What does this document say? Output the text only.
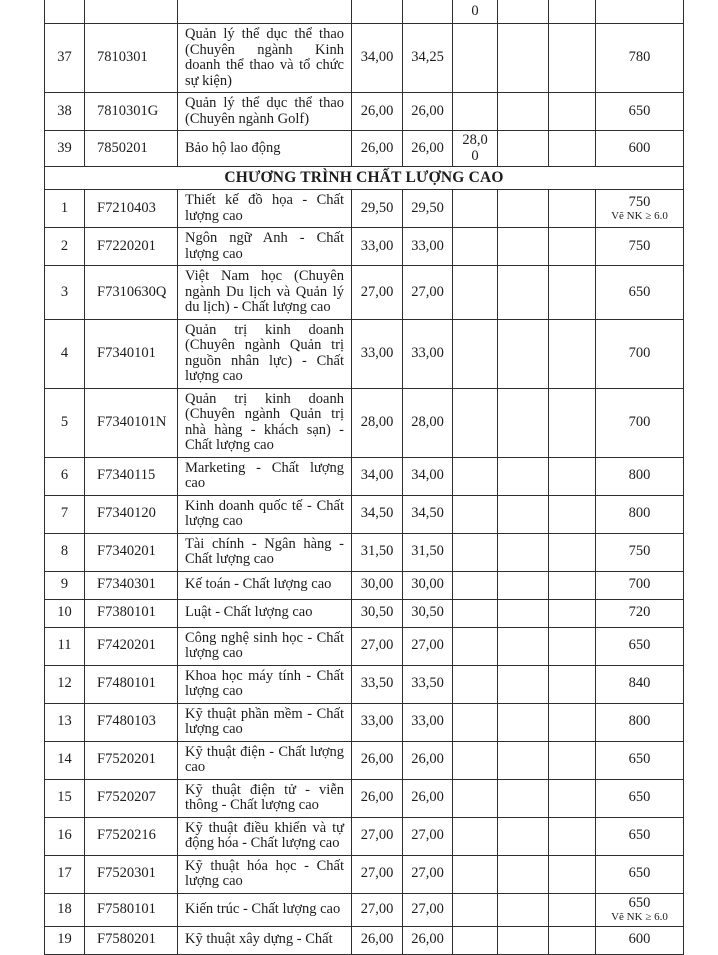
					0			

37	7810301	Quản lý thể dục thể thao (Chuyên ngành Kinh doanh thể thao và tổ chức sự kiện)	34,00	34,25				780

38	7810301G	Quản lý thể dục thể thao (Chuyên ngành Golf)	26,00	26,00				650

39	7850201	Bảo hộ lao động	26,00	26,00	28,00			600

CHƯƠNG TRÌNH CHẤT LƯỢNG CAO								
1	F7210403	Thiết kế đồ họa - Chất lượng cao	29,50	29,50				750
Vẽ NK ≥ 6.0

2	F7220201	Ngôn ngữ Anh - Chất lượng cao	33,00	33,00				750

3	F7310630Q	Việt Nam học (Chuyên ngành Du lịch và Quản lý du lịch) - Chất lượng cao	27,00	27,00				650

4	F7340101	Quản trị kinh doanh (Chuyên ngành Quản trị nguồn nhân lực) - Chất lượng cao	33,00	33,00				700

5	F7340101N	Quản trị kinh doanh (Chuyên ngành Quản trị nhà hàng - khách sạn) - Chất lượng cao	28,00	28,00				700

6	F7340115	Marketing - Chất lượng cao	34,00	34,00				800

7	F7340120	Kinh doanh quốc tế - Chất lượng cao	34,50	34,50				800

8	F7340201	Tài chính - Ngân hàng - Chất lượng cao	31,50	31,50				750

9	F7340301	Kế toán - Chất lượng cao	30,00	30,00				700

10	F7380101	Luật - Chất lượng cao	30,50	30,50				720

11	F7420201	Công nghệ sinh học - Chất lượng cao	27,00	27,00				650

12	F7480101	Khoa học máy tính - Chất lượng cao	33,50	33,50				840

13	F7480103	Kỹ thuật phần mềm - Chất lượng cao	33,00	33,00				800

14	F7520201	Kỹ thuật điện - Chất lượng cao	26,00	26,00				650

15	F7520207	Kỹ thuật điện tử - viễn thông - Chất lượng cao	26,00	26,00				650

16	F7520216	Kỹ thuật điều khiển và tự động hóa - Chất lượng cao	27,00	27,00				650

17	F7520301	Kỹ thuật hóa học - Chất lượng cao	27,00	27,00				650

18	F7580101	Kiến trúc - Chất lượng cao	27,00	27,00				650
Vẽ NK ≥ 6.0

19	F7580201	Kỹ thuật xây dựng - Chất	26,00	26,00				600
